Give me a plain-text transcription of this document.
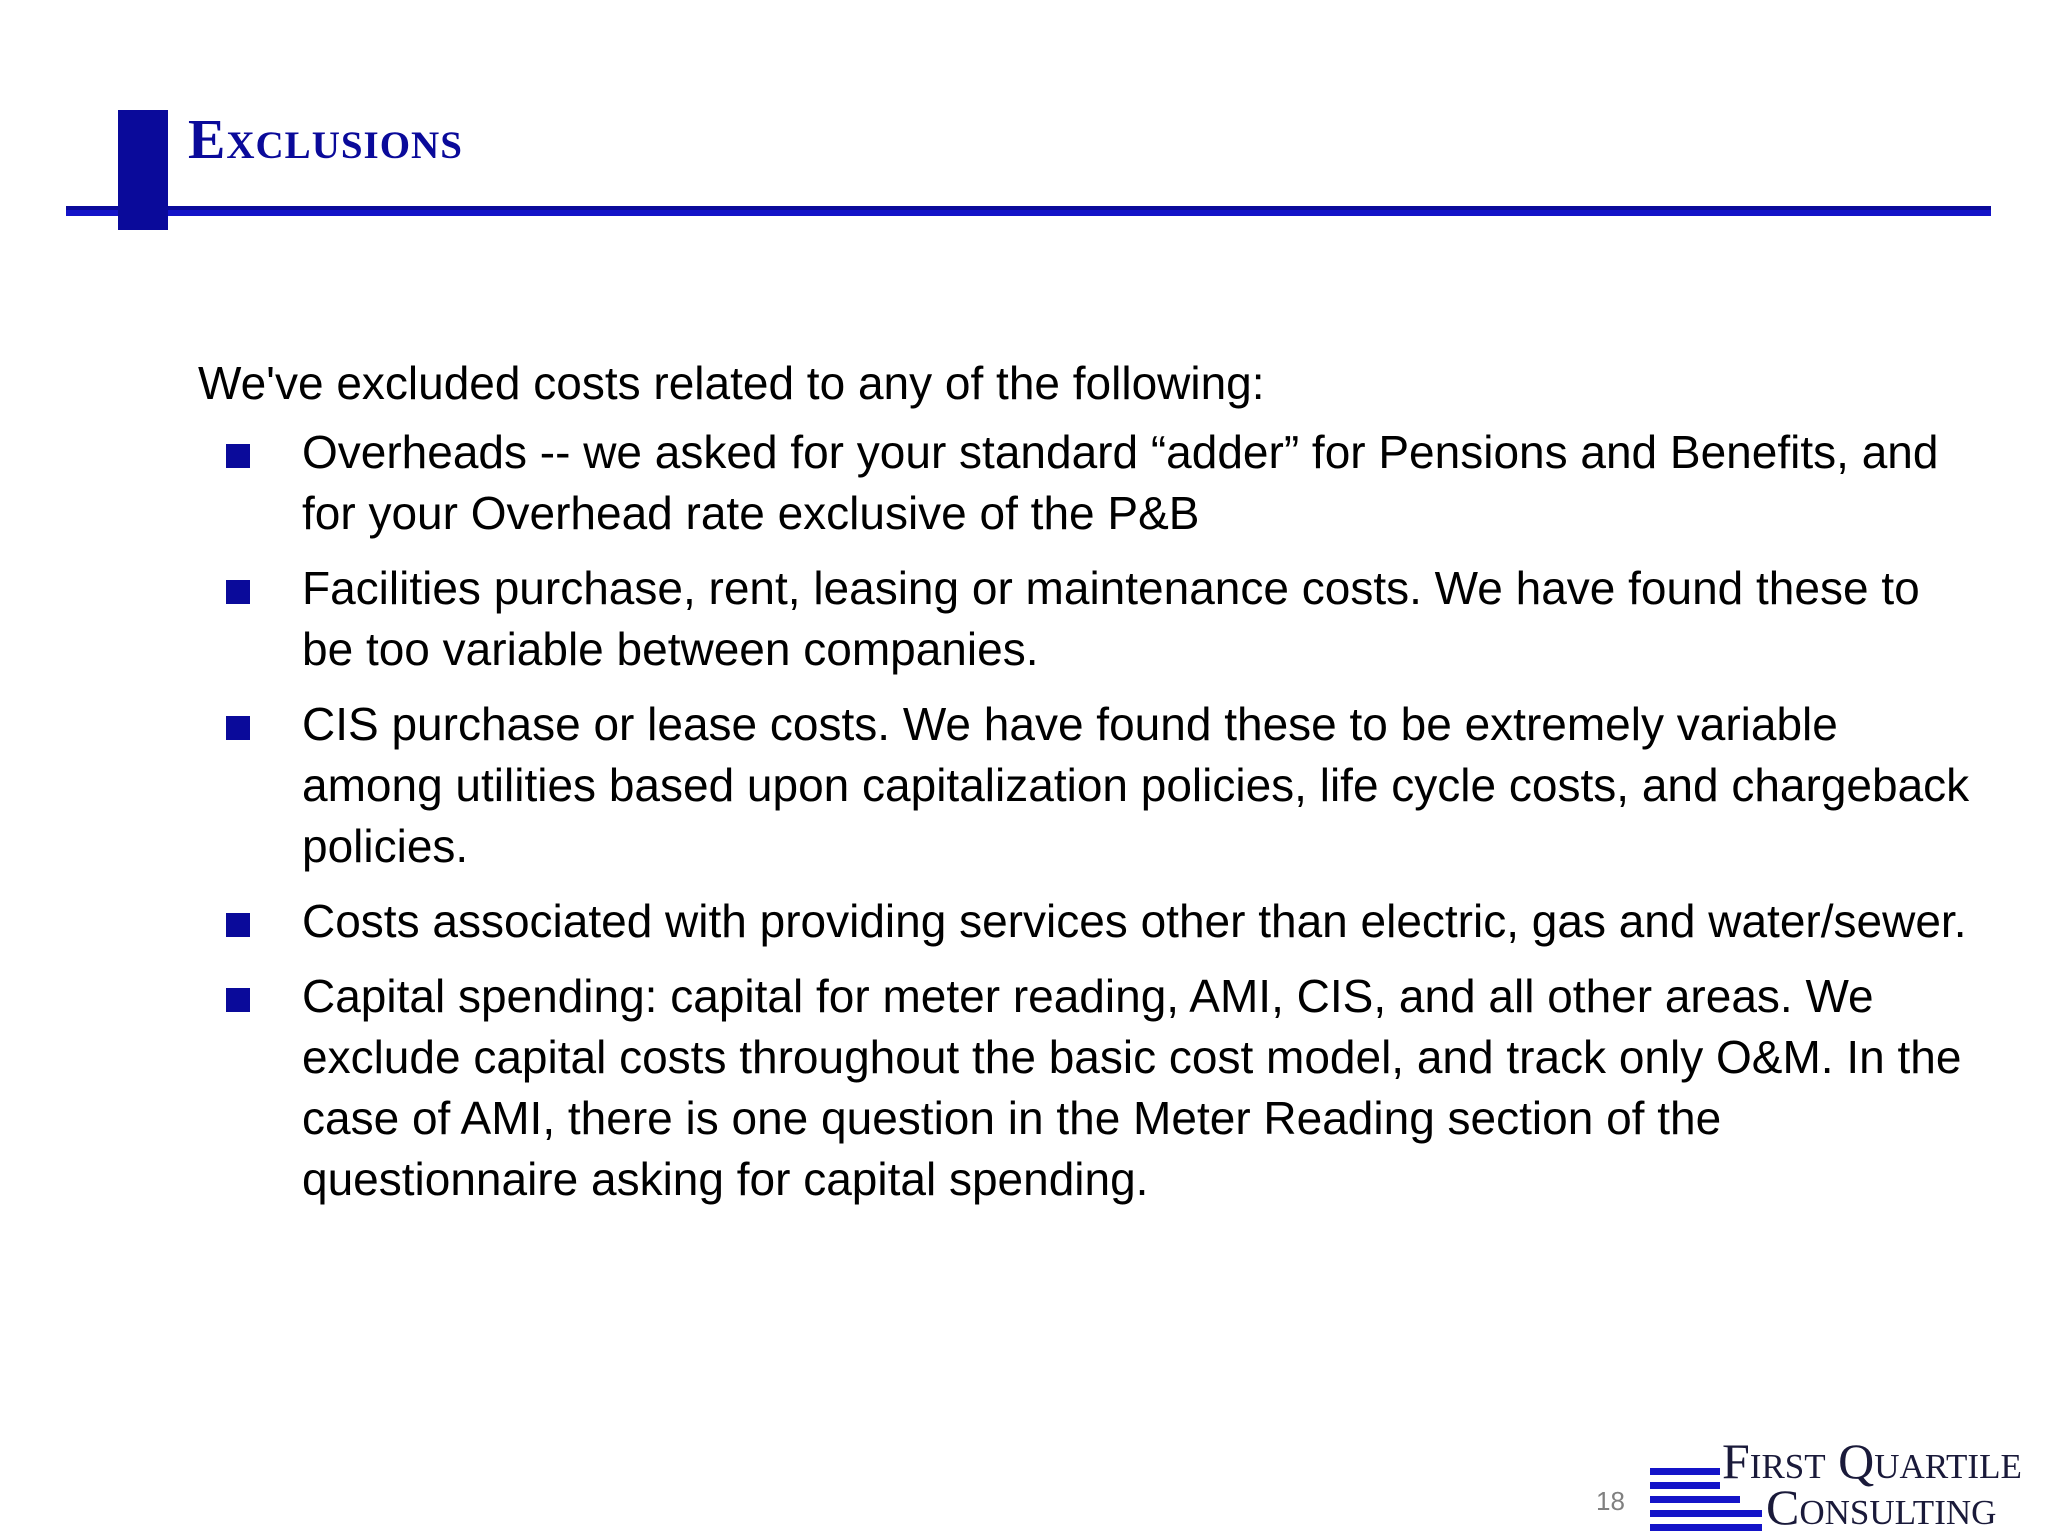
Exclusions

We've excluded costs related to any of the following:

Overheads -- we asked for your standard “adder” for Pensions and Benefits, and for your Overhead rate exclusive of the P&B
Facilities purchase, rent, leasing or maintenance costs. We have found these to be too variable between companies.
CIS purchase or lease costs. We have found these to be extremely variable among utilities based upon capitalization policies, life cycle costs, and chargeback policies.
Costs associated with providing services other than electric, gas and water/sewer.
Capital spending: capital for meter reading, AMI, CIS, and all other areas. We exclude capital costs throughout the basic cost model, and track only O&M. In the case of AMI, there is one question in the Meter Reading section of the questionnaire asking for capital spending.
18
First Quartile
Consulting
